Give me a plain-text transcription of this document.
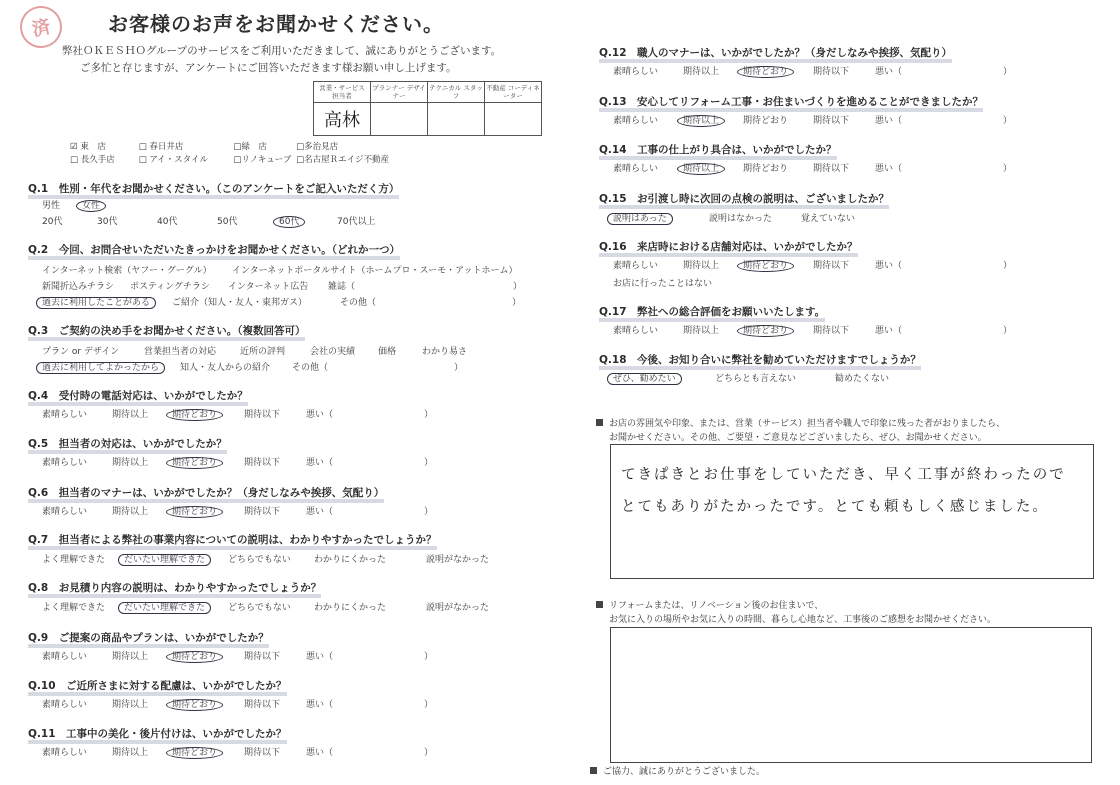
済	お客様のお声をお聞かせください。
弊社ＯＫＥＳＨＯグループのサービスをご利用いただきまして、誠にありがとうございます。
ご多忙と存じますが、アンケートにご回答いただきます様お願い申し上げます。
営業・サービス 担当者	プランナー デザイナー	テクニカル スタッフ	不動産 コーディネーター
高林			
☑ 東　店	□ 春日井店	□緑　店	□多治見店
□ 長久手店	□ アイ・スタイル	□リノキューブ □名古屋Ｒエイジ不動産
Q.1　性別・年代をお聞かせください。（このアンケートをご記入いただく方）
男性 女性
20代	30代	40代	50代	60代	70代以上
Q.2　今回、お問合せいただいたきっかけをお聞かせください。（どれか一つ）
インターネット検索（ヤフー・グーグル） インターネットポータルサイト（ホームプロ・スーモ・アットホーム）
新聞折込みチラシ ポスティングチラシ インターネット広告 雑誌（	）
過去に利用したことがある ご紹介（知人・友人・東邦ガス）	その他（	）
Q.3　ご契約の決め手をお聞かせください。（複数回答可）
プラン or デザイン	営業担当者の対応	近所の評判	会社の実績	価格	わかり易さ
過去に利用してよかったから 知人・友人からの紹介 その他（	）
Q.4　受付時の電話対応は、いかがでしたか？
素晴らしい	期待以上	期待どおり	期待以下	悪い（	）
Q.5　担当者の対応は、いかがでしたか？
素晴らしい	期待以上	期待どおり	期待以下	悪い（	）
Q.6　担当者のマナーは、いかがでしたか？（身だしなみや挨拶、気配り）
素晴らしい	期待以上	期待どおり	期待以下	悪い（	）
Q.9　ご提案の商品やプランは、いかがでしたか？
素晴らしい	期待以上	期待どおり	期待以下	悪い（	）
Q.10　ご近所さまに対する配慮は、いかがでしたか？
素晴らしい	期待以上	期待どおり	期待以下	悪い（	）
Q.11　工事中の美化・後片付けは、いかがでしたか？
素晴らしい	期待以上	期待どおり	期待以下	悪い（	）
Q.7　担当者による弊社の事業内容についての説明は、わかりやすかったでしょうか？
よく理解できた だいたい理解できた	どちらでもない	わかりにくかった	説明がなかった
Q.8　お見積り内容の説明は、わかりやすかったでしょうか？
よく理解できた だいたい理解できた	どちらでもない	わかりにくかった	説明がなかった
Q.12　職人のマナーは、いかがでしたか？（身だしなみや挨拶、気配り）
素晴らしい	期待以上	期待どおり	期待以下	悪い（	）
Q.13　安心してリフォーム工事・お住まいづくりを進めることができましたか？
素晴らしい	期待以上	期待どおり	期待以下	悪い（	）
Q.14　工事の仕上がり具合は、いかがでしたか？
素晴らしい	期待以上	期待どおり	期待以下	悪い（	）
Q.16　来店時における店舗対応は、いかがでしたか？
素晴らしい	期待以上	期待どおり	期待以下	悪い（	）
Q.17　弊社への総合評価をお願いいたします。
素晴らしい	期待以上	期待どおり	期待以下	悪い（	）
Q.15　お引渡し時に次回の点検の説明は、ございましたか？
説明はあった	説明はなかった	覚えていない
お店に行ったことはない
Q.18　今後、お知り合いに弊社を勧めていただけますでしょうか？
ぜひ、勧めたい	どちらとも言えない	勧めたくない
お店の雰囲気や印象、または、営業（サービス）担当者や職人で印象に残った者がおりましたら、
お聞かせください。その他、ご要望・ご意見などございましたら、ぜひ、お聞かせください。
てきぱきとお仕事をしていただき、早く工事が終わったので
とてもありがたかったです。とても頼もしく感じました。
リフォームまたは、リノベーション後のお住まいで、
お気に入りの場所やお気に入りの時間、暮らし心地など、工事後のご感想をお聞かせください。
ご協力、誠にありがとうございました。
